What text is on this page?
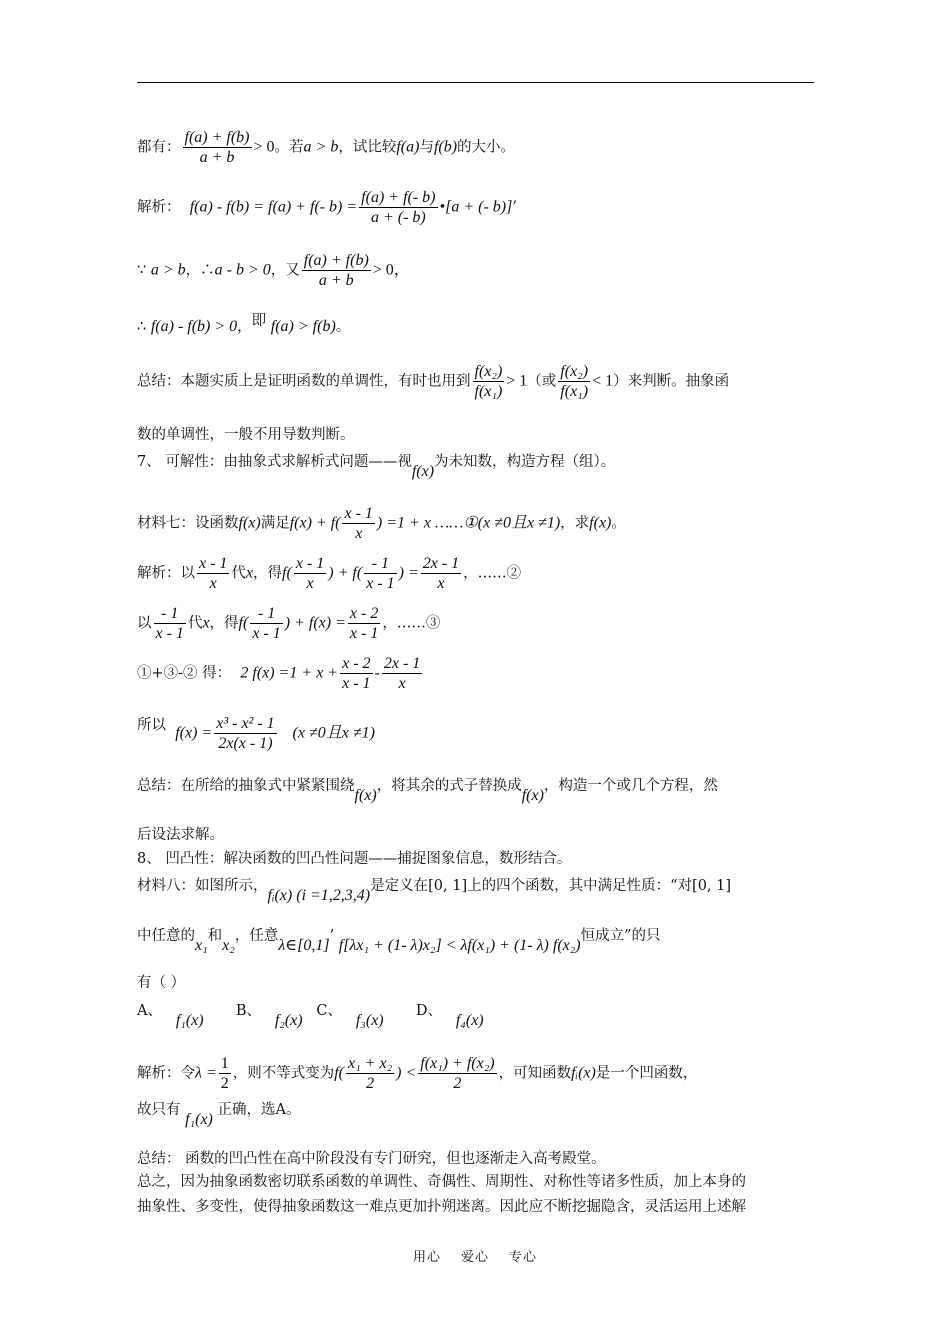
都有： $\frac{f(a) + f(b)}{a + b} > 0$。若a > b，试比较f(a)与f(b)的大小。
解析： f(a) - f(b) = f(a) + f(- $b) = \frac{f(a) + f(- b)}{a + (- b)}$ •[a + (- b)]’
∵ a > b，∴a - b > 0，又 $\frac{f(a) + f(b)}{a + b} > 0$，
∴ f(a) - f(b) > 0，即 f(a) > f(b)。
总结：本题实质上是证明函数的单调性，有时也用到 $\frac{\text{f(x₂)}}{\text{f(x₁)}} > 1$（或 $\frac{\text{f(x₂)}}{\text{f(x₁)}} < 1$）来判断。抽象函
数的单调性，一般不用导数判断。
7、 可解性：由抽象式求解析式问题——视f(x)为未知数，构造方程（组）。
材料七：设函数f(x)满足$f(x) + f( \frac{x - 1}{x}$ ) =1 + x ……①(x ≠0且x ≠1)，求f(x)。
解析：以 $\frac{x - 1}{x}$ 代x，得$f( \frac{x - 1}{x}$ ) + $f( \frac{- 1}{x - 1}$ ) = $\frac{2x - 1}{x}$ ，……②
以 $\frac{- 1}{x - 1}$ 代x，得$f( \frac{- 1}{x - 1}$ ) + $f(x) = \frac{x - 2}{x - 1}$ ，……③
①+③-② 得： 2 $f(x) =1 + x + \frac{x - 2}{x - 1} - \frac{2x - 1}{x}$
所以 $f(x) = \frac{\text{x³ - x² - 1}}{2x(x - 1)} (x \ne 0$且x ≠1)
总结：在所给的抽象式中紧紧围绕f(x)，将其余的式子替换成f(x)，构造一个或几个方程，然
后设法求解。
8、 凹凸性：解决函数的凹凸性问题——捕捉图象信息，数形结合。
材料八：如图所示，fᵢ(x) (i =1,2,3,4)是定义在[0, 1]上的四个函数，其中满足性质：“对[0, 1]
中任意的x₁和x₂，任意λ∈[0,1]’ f[λx₁ + (1- λ)x₂] < λf(x₁) + (1- λ) f(x₂)恒成立”的只
有（ ）
A、   f₁(x)       B、   f₂(x)   C、   f₃(x)       D、   f₄(x)
解析：令$\lambda = \frac{1}{2}$ ，则不等式变为$f( \frac{\text{x₁ + x₂}}{2}$ ) < $\frac{\text{f(x₁) + f(x₂)}}{2}$ ，可知函数fᵢ(x)是一个凹函数，
故只有 f₁(x) 正确，选A。
总结： 函数的凹凸性在高中阶段没有专门研究，但也逐渐走入高考殿堂。
总之，因为抽象函数密切联系函数的单调性、奇偶性、周期性、对称性等诸多性质，加上本身的
抽象性、多变性，使得抽象函数这一难点更加扑朔迷离。因此应不断挖掘隐含，灵活运用上述解
用心 爱心 专心
